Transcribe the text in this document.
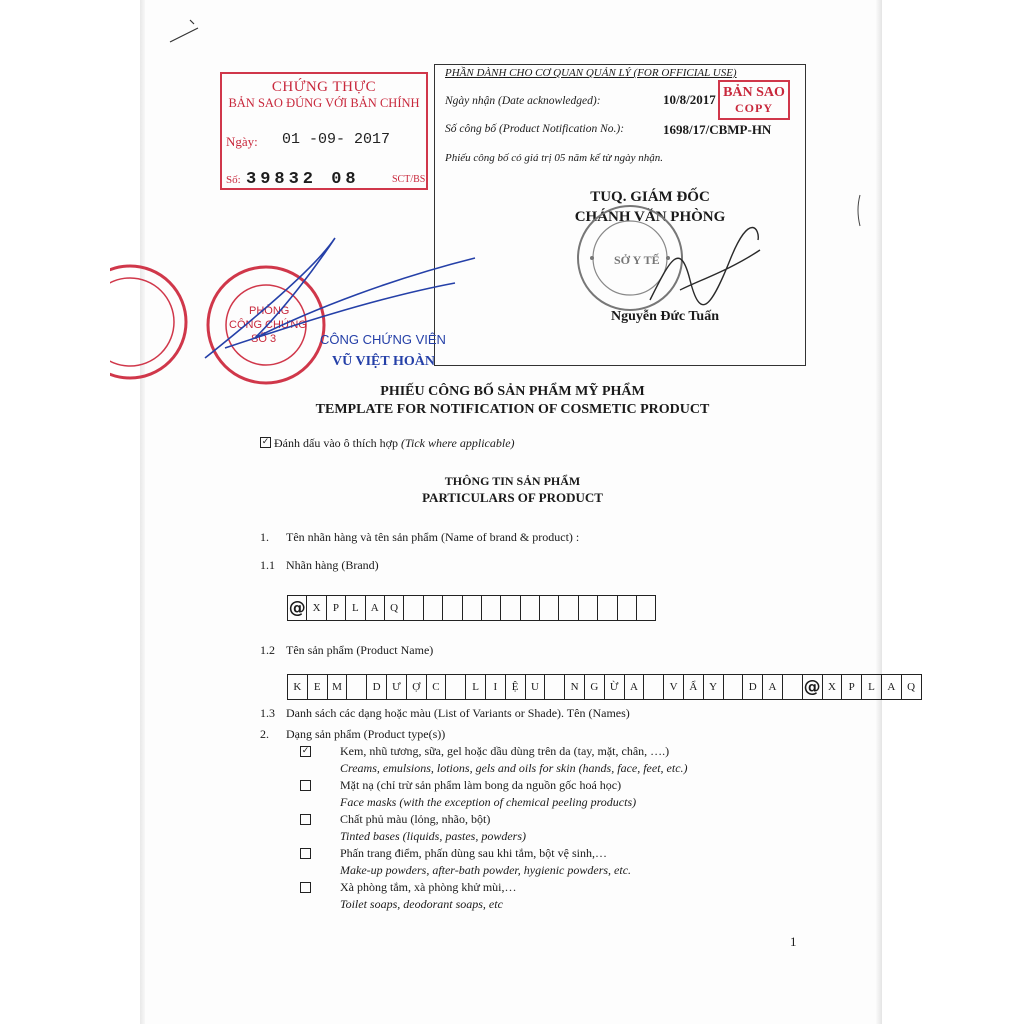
CHỨNG THỰC
BẢN SAO ĐÚNG VỚI BẢN CHÍNH
Ngày: 01 -09- 2017
Số: 39832 08	SCT/BS
PHẦN DÀNH CHO CƠ QUAN QUẢN LÝ (FOR OFFICIAL USE)
Ngày nhận (Date acknowledged):	10/8/2017
Số công bố (Product Notification No.):	1698/17/CBMP-HN
Phiếu công bố có giá trị 05 năm kể từ ngày nhận.
BẢN SAO
COPY
TUQ. GIÁM ĐỐC
CHÁNH VĂN PHÒNG
Nguyễn Đức Tuấn
SỞ Y TẾ
PHÒNG
CÔNG CHỨNG
SỐ 3	CÔNG CHỨNG VIÊN
VŨ VIỆT HOÀN
PHIẾU CÔNG BỐ SẢN PHẨM MỸ PHẨM
TEMPLATE FOR NOTIFICATION OF COSMETIC PRODUCT
✓ Đánh dấu vào ô thích hợp (Tick where applicable)
THÔNG TIN SẢN PHẨM
PARTICULARS OF PRODUCT
1. Tên nhãn hàng và tên sản phẩm (Name of brand & product) :
1.1 Nhãn hàng (Brand)
@ X	P	L	A	Q
1.2 Tên sản phẩm (Product Name)
K	E	M	D	Ư	Ợ	C	L	I	Ệ	U	N	G	Ừ	A	V	Ẩ	Y	D	A	@ X	P	L	A	Q
1.3 Danh sách các dạng hoặc màu (List of Variants or Shade). Tên (Names)
2. Dạng sản phẩm (Product type(s))
✓	Kem, nhũ tương, sữa, gel hoặc dầu dùng trên da (tay, mặt, chân, ….)
Creams, emulsions, lotions, gels and oils for skin (hands, face, feet, etc.)
Mặt nạ (chỉ trừ sản phẩm làm bong da nguồn gốc hoá học)
Face masks (with the exception of chemical peeling products)
Chất phủ màu (lỏng, nhão, bột)
Tinted bases (liquids, pastes, powders)
Phấn trang điểm, phấn dùng sau khi tắm, bột vệ sinh,…
Make-up powders, after-bath powder, hygienic powders, etc.
Xà phòng tắm, xà phòng khử mùi,…
Toilet soaps, deodorant soaps, etc
1
